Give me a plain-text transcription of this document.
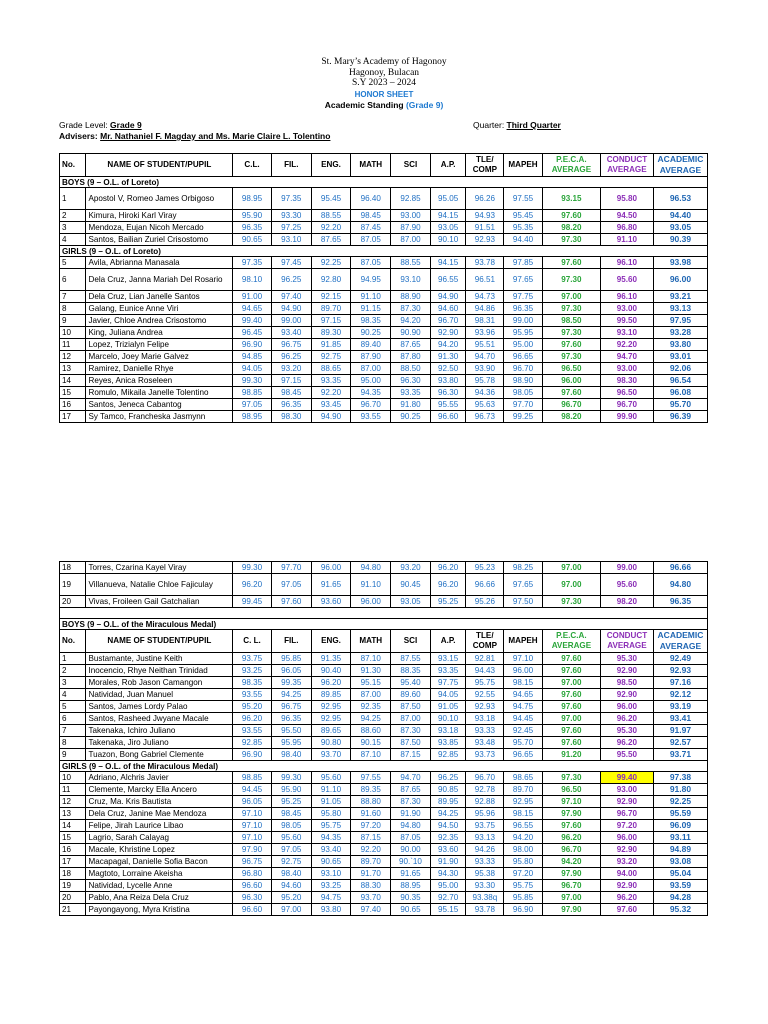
St. Mary’s Academy of Hagonoy
Hagonoy, Bulacan
S.Y 2023 – 2024
HONOR SHEET
Academic Standing (Grade 9)
Grade Level: Grade 9	Quarter: Third Quarter
Advisers: Mr. Nathaniel F. Magday and Ms. Marie Claire L. Tolentino
No.	NAME OF STUDENT/PUPIL	C.L.	FIL.	ENG.	MATH	SCI	A.P.	TLE/ COMP	MAPEH	P.E.C.A. AVERAGE	CONDUCT AVERAGE	ACADEMIC AVERAGE
BOYS (9 – O.L. of Loreto)												
1	Apostol V, Romeo James Orbigoso	98.95	97.35	95.45	96.40	92.85	95.05	96.26	97.55	93.15	95.80	96.53
2	Kimura, Hiroki Karl Viray	95.90	93.30	88.55	98.45	93.00	94.15	94.93	95.45	97.60	94.50	94.40
3	Mendoza, Eujan Nicoh Mercado	96.35	97.25	92.20	87.45	87.90	93.05	91.51	95.35	98.20	96.80	93.05
4	Santos, Bailian Zuriel Crisostomo	90.65	93.10	87.65	87.05	87.00	90.10	92.93	94.40	97.30	91.10	90.39
GIRLS (9 – O.L. of Loreto)												
5	Avila, Abrianna Manasala	97.35	97.45	92.25	87.05	88.55	94.15	93.78	97.85	97.60	96.10	93.98
6	Dela Cruz, Janna Mariah Del Rosario	98.10	96.25	92.80	94.95	93.10	96.55	96.51	97.65	97.30	95.60	96.00
7	Dela Cruz, Lian Janelle Santos	91.00	97.40	92.15	91.10	88.90	94.90	94.73	97.75	97.00	96.10	93.21
8	Galang, Eunice Anne Viri	94.65	94.90	89.70	91.15	87.30	94.60	94.86	96.35	97.30	93.00	93.13
9	Javier, Chloe Andrea Crisostomo	99.40	99.00	97.15	98.35	94.20	96.70	98.31	99.00	98.50	99.50	97.95
10	King, Juliana Andrea	96.45	93.40	89.30	90.25	90.90	92.90	93.96	95.95	97.30	93.10	93.28
11	Lopez, Trizialyn Felipe	96.90	96.75	91.85	89.40	87.65	94.20	95.51	95.00	97.60	92.20	93.80
12	Marcelo, Joey Marie Galvez	94.85	96.25	92.75	87.90	87.80	91.30	94.70	96.65	97.30	94.70	93.01
13	Ramirez, Danielle Rhye	94.05	93.20	88.65	87.00	88.50	92.50	93.90	96.70	96.50	93.00	92.06
14	Reyes, Anica Roseleen	99.30	97.15	93.35	95.00	96.30	93.80	95.78	98.90	96.00	98.30	96.54
15	Romulo, Mikaila Janelle Tolentino	98.85	98.45	92.20	94.35	93.35	96.30	94.36	98.05	97.60	96.50	96.08
16	Santos, Jeneca Cabantog	97.05	96.35	93.45	96.70	91.80	95.55	95.63	97.70	96.70	96.70	95.70
17	Sy Tamco, Francheska Jasmynn	98.95	98.30	94.90	93.55	90.25	96.60	96.73	99.25	98.20	99.90	96.39
18	Torres, Czarina Kayel Viray	99.30	97.70	96.00	94.80	93.20	96.20	95.23	98.25	97.00	99.00	96.66
19	Villanueva, Natalie Chloe Fajiculay	96.20	97.05	91.65	91.10	90.45	96.20	96.66	97.65	97.00	95.60	94.80
20	Vivas, Froileen Gail Gatchalian	99.45	97.60	93.60	96.00	93.05	95.25	95.26	97.50	97.30	98.20	96.35

BOYS (9 – O.L. of the Miraculous Medal)												
No.	NAME OF STUDENT/PUPIL	C. L.	FIL.	ENG.	MATH	SCI	A.P.	TLE/ COMP	MAPEH	P.E.C.A. AVERAGE	CONDUCT AVERAGE	ACADEMIC AVERAGE
1	Bustamante, Justine Keith	93.75	95.85	91.35	87.10	87.55	93.15	92.81	97.10	97.60	95.30	92.49
2	Inocencio, Rhye Neithan Trinidad	93.25	96.05	90.40	91.30	88.35	93.35	94.43	96.00	97.60	92.90	92.93
3	Morales, Rob Jason Camangon	98.35	99.35	96.20	95.15	95.40	97.75	95.75	98.15	97.00	98.50	97.16
4	Natividad, Juan Manuel	93.55	94.25	89.85	87.00	89.60	94.05	92.55	94.65	97.60	92.90	92.12
5	Santos, James Lordy Palao	95.20	96.75	92.95	92.35	87.50	91.05	92.93	94.75	97.60	96.00	93.19
6	Santos, Rasheed Jwyane Macale	96.20	96.35	92.95	94.25	87.00	90.10	93.18	94.45	97.00	96.20	93.41
7	Takenaka, Ichiro Juliano	93.55	95.50	89.65	88.60	87.30	93.18	93.33	92.45	97.60	95.30	91.97
8	Takenaka, Jiro Juliano	92.85	95.95	90.80	90.15	87.50	93.85	93.48	95.70	97.60	96.20	92.57
9	Tuazon, Bong Gabriel Clemente	96.90	98.40	93.70	87.10	87.15	92.85	93.73	96.65	91.20	95.50	93.71
GIRLS (9 – O.L. of the Miraculous Medal)												
10	Adriano, Alchris Javier	98.85	99.30	95.60	97.55	94.70	96.25	96.70	98.65	97.30	99.40	97.38
11	Clemente, Marcky Ella Ancero	94.45	95.90	91.10	89.35	87.65	90.85	92.78	89.70	96.50	93.00	91.80
12	Cruz, Ma. Kris Bautista	96.05	95.25	91.05	88.80	87.30	89.95	92.88	92.95	97.10	92.90	92.25
13	Dela Cruz, Janine Mae Mendoza	97.10	98.45	95.80	91.60	91.90	94.25	95.96	98.15	97.90	96.70	95.59
14	Felipe, Jirah Laurice Libao	97.10	98.05	95.75	97.20	94.80	94.50	93.75	96.55	97.60	97.20	96.09
15	Lagrio, Sarah Calayag	97.10	95.60	94.35	87.15	87.05	92.35	93.13	94.20	96.20	96.00	93.11
16	Macale, Khristine Lopez	97.90	97.05	93.40	92.20	90.00	93.60	94.26	98.00	96.70	92.90	94.89
17	Macapagal, Danielle Sofia Bacon	96.75	92.75	90.65	89.70	90.`10	91.90	93.33	95.80	94.20	93.20	93.08
18	Magtoto, Lorraine Akeisha	96.80	98.40	93.10	91.70	91.65	94.30	95.38	97.20	97.90	94.00	95.04
19	Natividad, Lycelle Anne	96.60	94.60	93.25	88.30	88.95	95.00	93.30	95.75	96.70	92.90	93.59
20	Pablo, Ana Reiza Dela Cruz	96.30	95.20	94.75	93.70	90.35	92.70	93.38q	95.85	97.00	96.20	94.28
21	Payongayong, Myra Kristina	96.60	97.00	93.80	97.40	90.65	95.15	93.78	96.90	97.90	97.60	95.32
